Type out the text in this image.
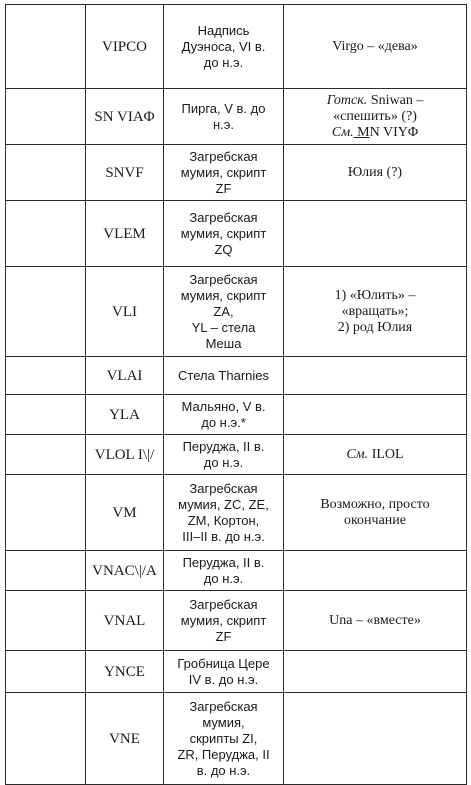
	VIPCO	Надпись
Дуэноса, VI в.
до н.э.	Virgo – «дева»

	SN VIAΦ	Пирга, V в. до
н.э.	Готск. Sniwan –
«спешить» (?)
См. MN VIYΦ

	SNVF	Загребская
мумия, скрипт
ZF	Юлия (?)

	VLEM	Загребская
мумия, скрипт
ZQ	

	VLI	Загребская
мумия, скрипт
ZA,
YL – стела
Меша	1) «Юлить» –
«вращать»;
2) род Юлия

	VLAI	Стела Tharnies	

	YLA	Мальяно, V в.
до н.э.*	

	VLOL I\|/	Перуджа, II в.
до н.э.	См. ILOL

	VM	Загребская
мумия, ZC, ZE,
ZM, Кортон,
III–II в. до н.э.	Возможно, просто
окончание

	VNAC\|/A	Перуджа, II в.
до н.э.	

	VNAL	Загребская
мумия, скрипт
ZF	Una – «вместе»

	YNCE	Гробница Церe
IV в. до н.э.	

	VNE	Загребская
мумия,
скрипты ZI,
ZR, Перуджа, II
в. до н.э.	
